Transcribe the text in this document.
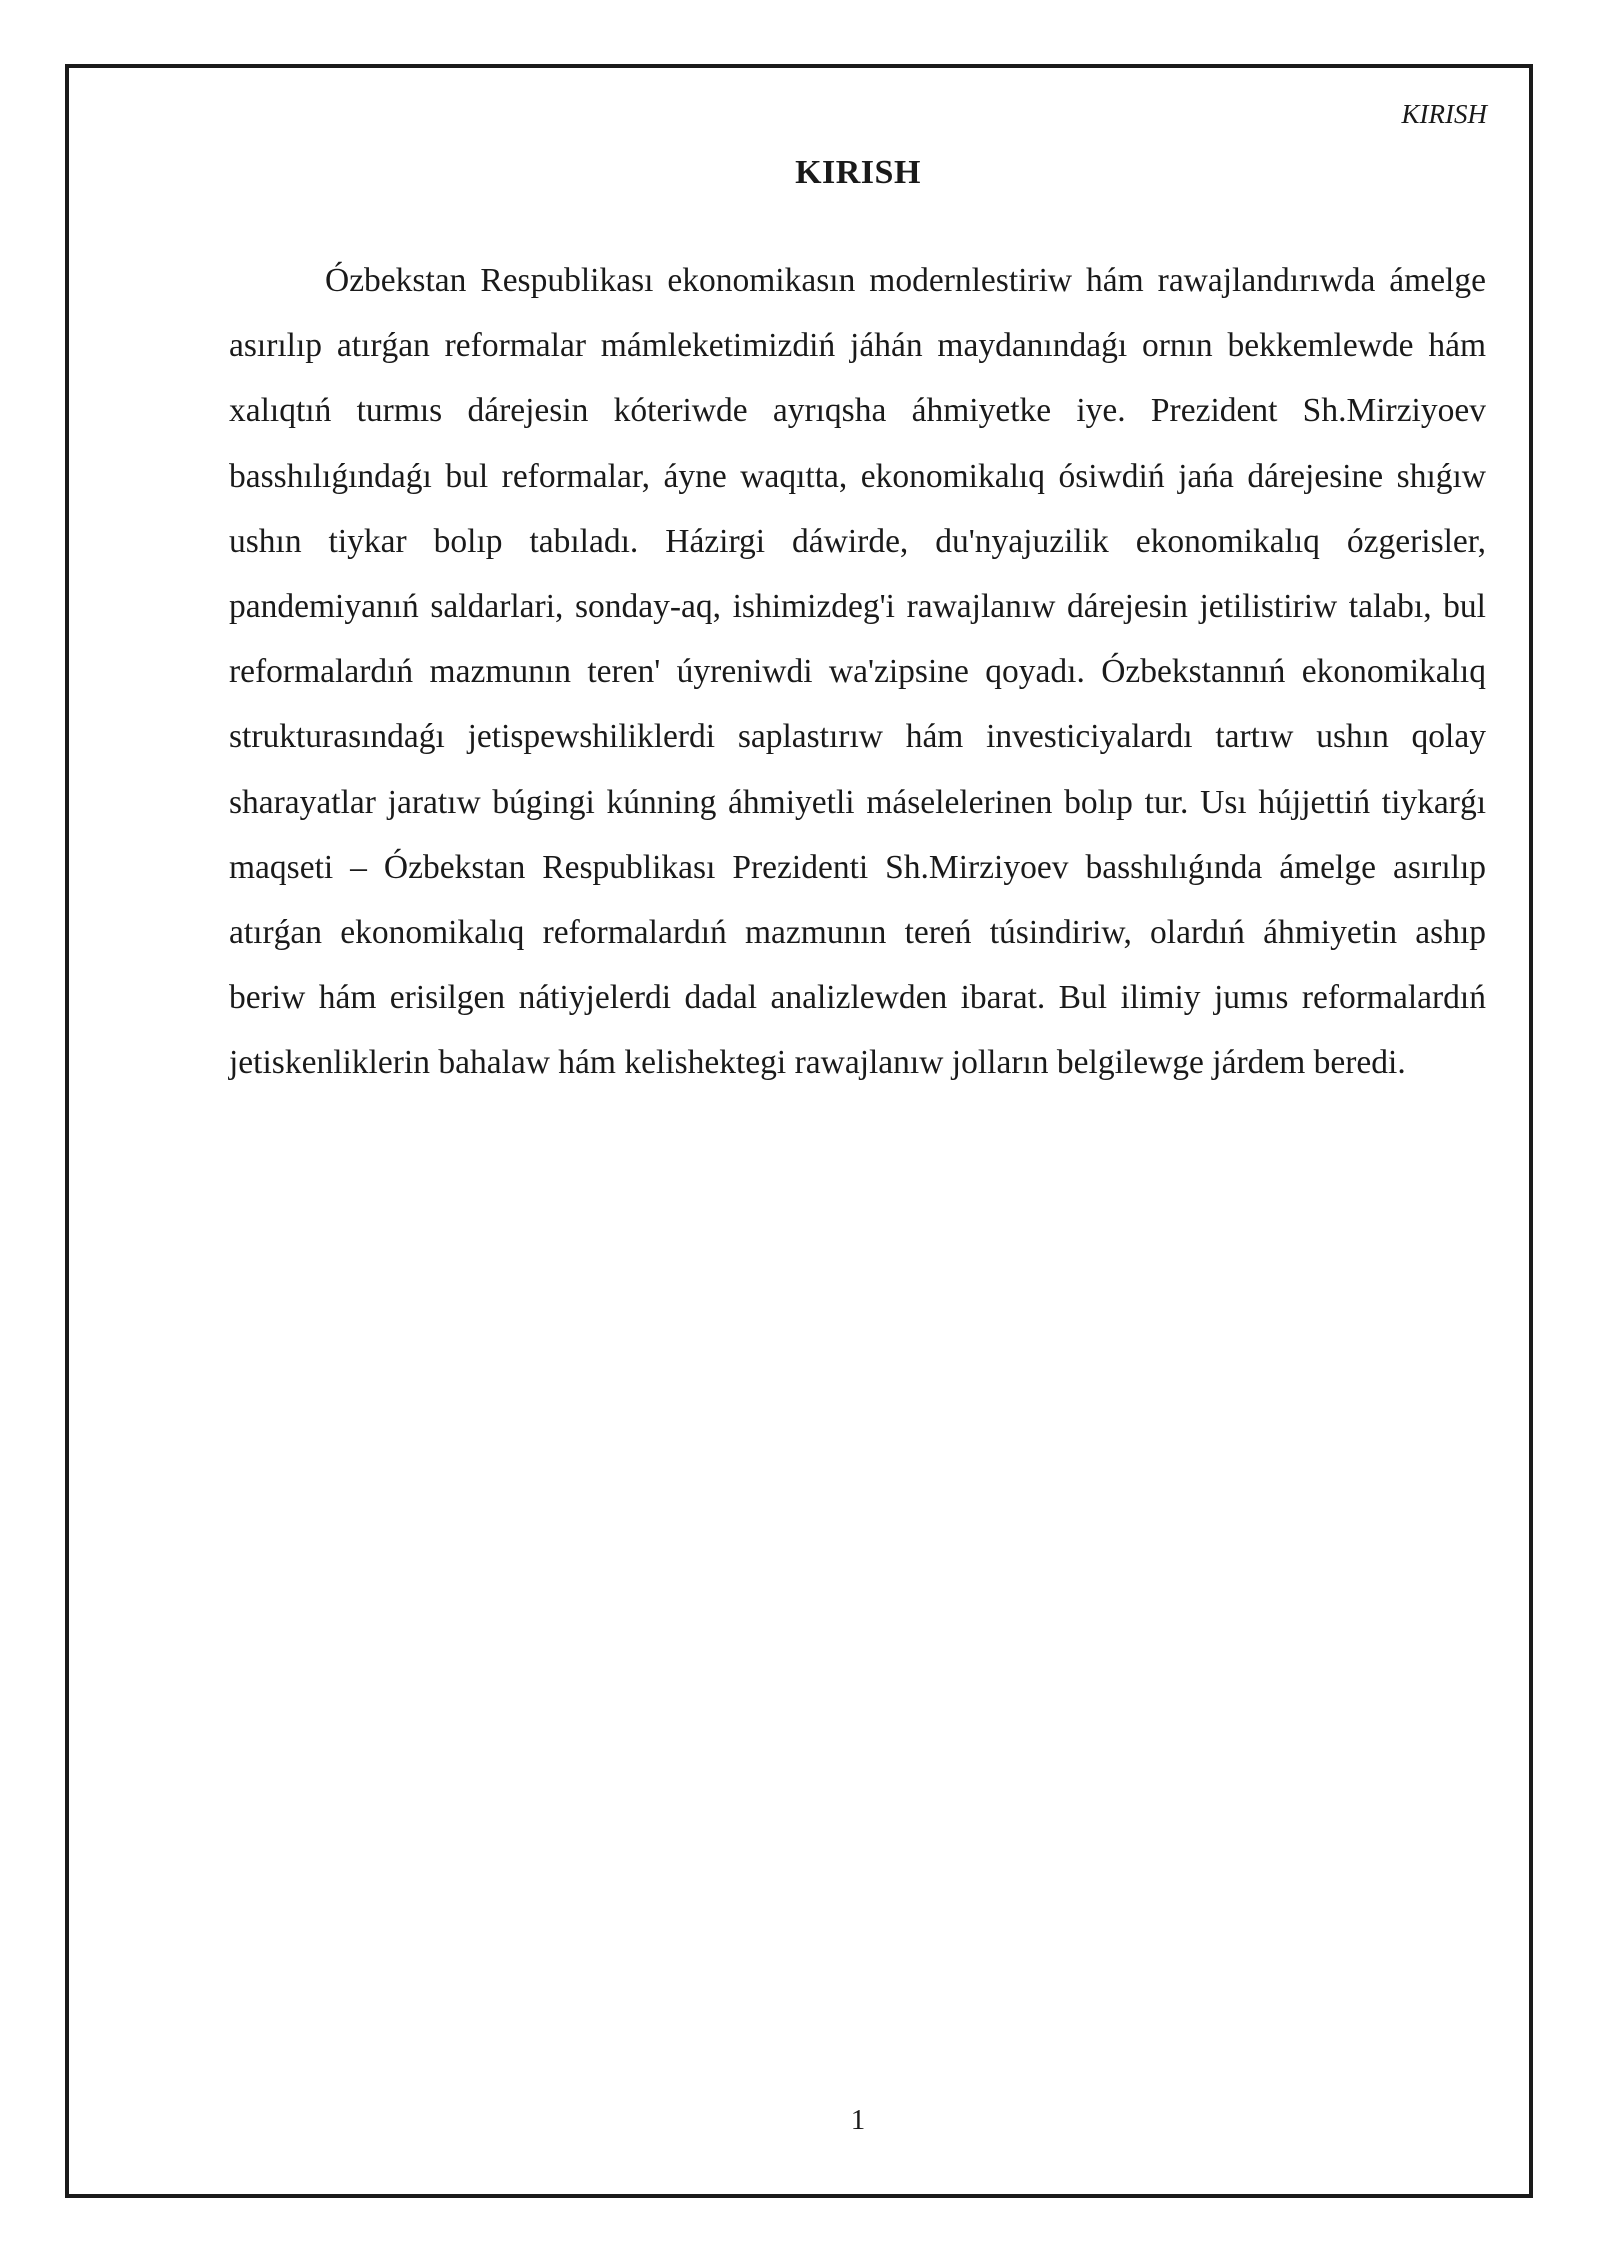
KIRISH
KIRISH

Ózbekstan Respublikası ekonomikasın modernlestiriw hám rawajlandırıwda ámelge asırılıp atırǵan reformalar mámleketimizdiń jáhán maydanındaǵı ornın bekkemlewde hám xalıqtıń turmıs dárejesin kóteriwde ayrıqsha áhmiyetke iye. Prezident Sh.Mirziyoev basshılıǵındaǵı bul reformalar, áyne waqıtta, ekonomikalıq ósiwdiń jańa dárejesine shıǵıw ushın tiykar bolıp tabıladı. Házirgi dáwirde, du'nyajuzilik ekonomikalıq ózgerisler, pandemiyanıń saldarlari, sonday-aq, ishimizdeg'i rawajlanıw dárejesin jetilistiriw talabı, bul reformalardıń mazmunın teren' úyreniwdi wa'zipsine qoyadı. Ózbekstannıń ekonomikalıq strukturasındaǵı jetispewshiliklerdi saplastırıw hám investiciyalardı tartıw ushın qolay sharayatlar jaratıw búgingi kúnning áhmiyetli máselelerinen bolıp tur. Usı hújjettiń tiykarǵı maqseti – Ózbekstan Respublikası Prezidenti Sh.Mirziyoev basshılıǵında ámelge asırılıp atırǵan ekonomikalıq reformalardıń mazmunın tereń túsindiriw, olardıń áhmiyetin ashıp beriw hám erisilgen nátiyjelerdi dadal analizlewden ibarat. Bul ilimiy jumıs reformalardıń jetiskenliklerin bahalaw hám kelishektegi rawajlanıw jolların belgilewge járdem beredi.

1
